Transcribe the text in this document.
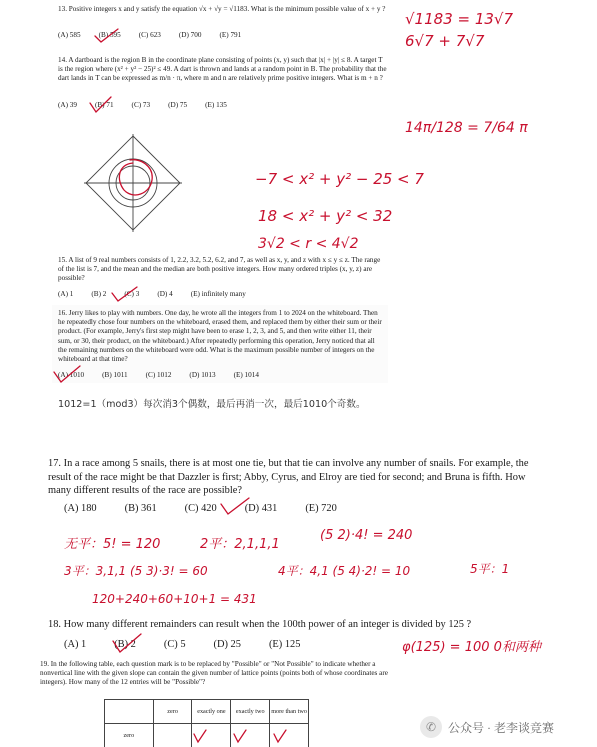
13. Positive integers x and y satisfy the equation √x + √y = √1183. What is the minimum possible value of x + y ?
(A) 585	(B) 595	(C) 623	(D) 700	(E) 791
√1183 = 13√7
6√7 + 7√7
14. A dartboard is the region B in the coordinate plane consisting of points (x, y) such that |x| + |y| ≤ 8. A target T is the region where (x² + y² − 25)² ≤ 49. A dart is thrown and lands at a random point in B. The probability that the dart lands in T can be expressed as m/n · π, where m and n are relatively prime positive integers. What is m + n ?
(A) 39	(B) 71	(C) 73	(D) 75	(E) 135
14π/128 = 7/64 π
−7 < x² + y² − 25 < 7
18 < x² + y² < 32
3√2 < r < 4√2
15. A list of 9 real numbers consists of 1, 2.2, 3.2, 5.2, 6.2, and 7, as well as x, y, and z with x ≤ y ≤ z. The range of the list is 7, and the mean and the median are both positive integers. How many ordered triples (x, y, z) are possible?
(A) 1	(B) 2	(C) 3	(D) 4	(E) infinitely many
16. Jerry likes to play with numbers. One day, he wrote all the integers from 1 to 2024 on the whiteboard. Then he repeatedly chose four numbers on the whiteboard, erased them, and replaced them by either their sum or their product. (For example, Jerry's first step might have been to erase 1, 2, 3, and 5, and then write either 11, their sum, or 30, their product, on the whiteboard.) After repeatedly performing this operation, Jerry noticed that all the remaining numbers on the whiteboard were odd. What is the maximum possible number of integers on the whiteboard at that time?
(A) 1010	(B) 1011	(C) 1012	(D) 1013	(E) 1014
1012=1（mod3）每次消3个偶数，最后再消一次，最后1010个奇数。
17. In a race among 5 snails, there is at most one tie, but that tie can involve any number of snails. For example, the result of the race might be that Dazzler is first; Abby, Cyrus, and Elroy are tied for second; and Bruna is fifth. How many different results of the race are possible?
(A) 180	(B) 361	(C) 420	(D) 431	(E) 720
无平：5! = 120	2平：2,1,1,1
(5 2)·4! = 240
3平：3,1,1 (5 3)·3! = 60	4平：4,1 (5 4)·2! = 10	5平：1
120+240+60+10+1 = 431
18. How many different remainders can result when the 100th power of an integer is divided by 125 ?
(A) 1	(B) 2	(C) 5	(D) 25	(E) 125	φ(125) = 100 0和两种
19. In the following table, each question mark is to be replaced by "Possible" or "Not Possible" to indicate whether a nonvertical line with the given slope can contain the given number of lattice points (points both of whose coordinates are integers). How many of the 12 entries will be "Possible"?
	zero	exactly one	exactly two	more than two
zero				
✆ 公众号 · 老李谈竞赛
